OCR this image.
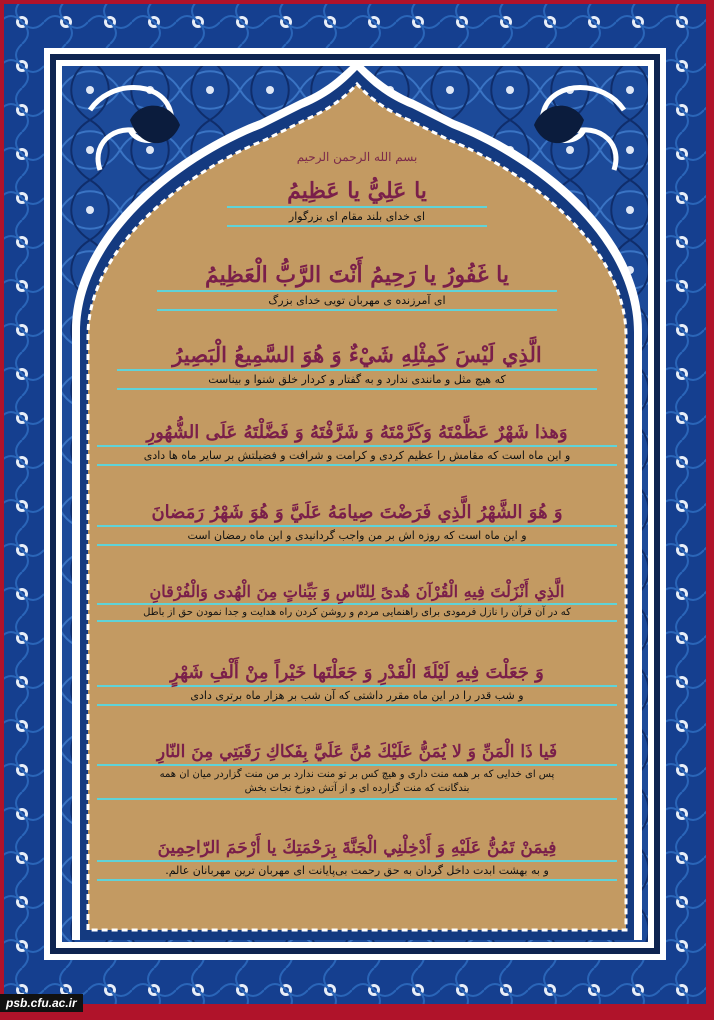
بسم الله الرحمن الرحيم
يا عَلِيُّ يا عَظِيمُ
ای خدای بلند مقام ای بزرگوار
يا غَفُورُ يا رَحِيمُ أَنْتَ الرَّبُّ الْعَظِيمُ
ای آمرزنده ی مهربان تویی خدای بزرگ
الَّذِي لَيْسَ كَمِثْلِهِ شَيْءٌ وَ هُوَ السَّمِيعُ الْبَصِيرُ
که هیچ مثل و مانندی ندارد و به گفتار و کردار خلق شنوا و بیناست
وَهذا شَهْرٌ عَظَّمْتَهُ وَكَرَّمْتَهُ وَ شَرَّفْتَهُ وَ فَضَّلْتَهُ عَلَى الشُّهُورِ
و این ماه است که مقامش را عظیم کردی و کرامت و شرافت و فضیلتش بر سایر ماه ها دادی
وَ هُوَ الشَّهْرُ الَّذِي فَرَضْتَ صِيامَهُ عَلَيَّ وَ هُوَ شَهْرُ رَمَضانَ
و این ماه است که روزه اش بر من واجب گردانیدی و این ماه رمضان است
الَّذِي أَنْزَلْتَ فِيهِ الْقُرْآنَ هُدىً لِلنّاسِ وَ بَيِّناتٍ مِنَ الْهُدى وَالْفُرْقانِ
که در آن قرآن را نازل فرمودی برای راهنمایی مردم و روشن کردن راه هدایت و جدا نمودن حق از باطل
وَ جَعَلْتَ فِيهِ لَيْلَةَ الْقَدْرِ وَ جَعَلْتَها خَيْراً مِنْ أَلْفِ شَهْرٍ
و شب قدر را در این ماه مقرر داشتی که آن شب بر هزار ماه برتری دادی
فَيا ذَا الْمَنِّ وَ لا يُمَنُّ عَلَيْكَ مُنَّ عَلَيَّ بِفَكاكِ رَقَبَتِي مِنَ النّارِ
پس ای خدایی که بر همه منت داری و هیچ کس بر تو منت ندارد بر من منت گزاردر میان ان همه بندگانت که منت گزارده ای و از آتش دوزخ نجات بخش
فِيمَنْ تَمُنُّ عَلَيْهِ وَ أَدْخِلْنِي الْجَنَّةَ بِرَحْمَتِكَ يا أَرْحَمَ الرّاحِمِينَ
و به بهشت ابدت داخل گردان به حق رحمت بی‌پایانت ای مهربان ترین مهربانان عالم.
psb.cfu.ac.ir
